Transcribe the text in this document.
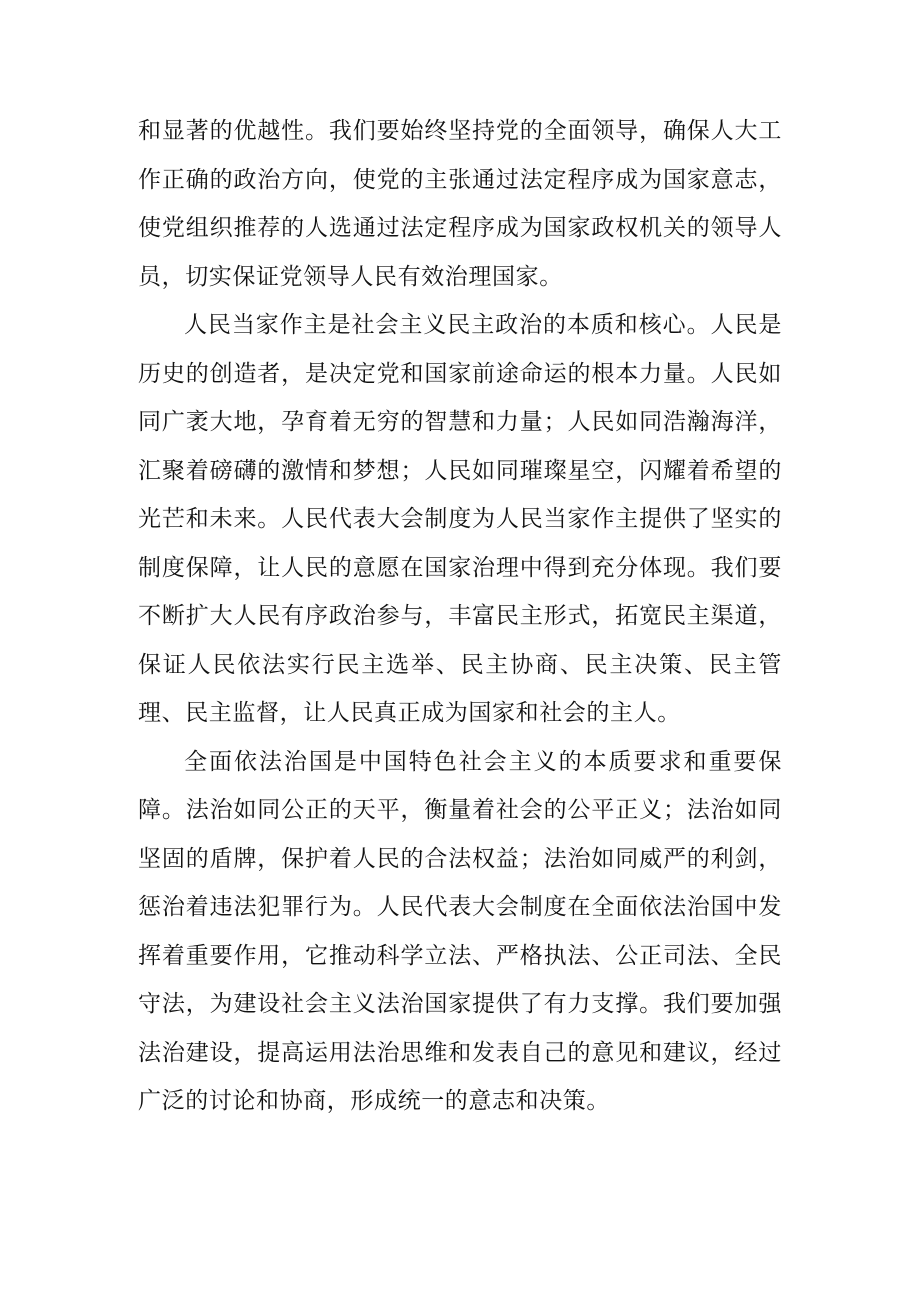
和显著的优越性。我们要始终坚持党的全面领导，确保人大工作正确的政治方向，使党的主张通过法定程序成为国家意志，使党组织推荐的人选通过法定程序成为国家政权机关的领导人员，切实保证党领导人民有效治理国家。

人民当家作主是社会主义民主政治的本质和核心。人民是历史的创造者，是决定党和国家前途命运的根本力量。人民如同广袤大地，孕育着无穷的智慧和力量；人民如同浩瀚海洋，汇聚着磅礴的激情和梦想；人民如同璀璨星空，闪耀着希望的光芒和未来。人民代表大会制度为人民当家作主提供了坚实的制度保障，让人民的意愿在国家治理中得到充分体现。我们要不断扩大人民有序政治参与，丰富民主形式，拓宽民主渠道，保证人民依法实行民主选举、民主协商、民主决策、民主管理、民主监督，让人民真正成为国家和社会的主人。

全面依法治国是中国特色社会主义的本质要求和重要保障。法治如同公正的天平，衡量着社会的公平正义；法治如同坚固的盾牌，保护着人民的合法权益；法治如同威严的利剑，惩治着违法犯罪行为。人民代表大会制度在全面依法治国中发挥着重要作用，它推动科学立法、严格执法、公正司法、全民守法，为建设社会主义法治国家提供了有力支撑。我们要加强法治建设，提高运用法治思维和发表自己的意见和建议，经过广泛的讨论和协商，形成统一的意志和决策。
